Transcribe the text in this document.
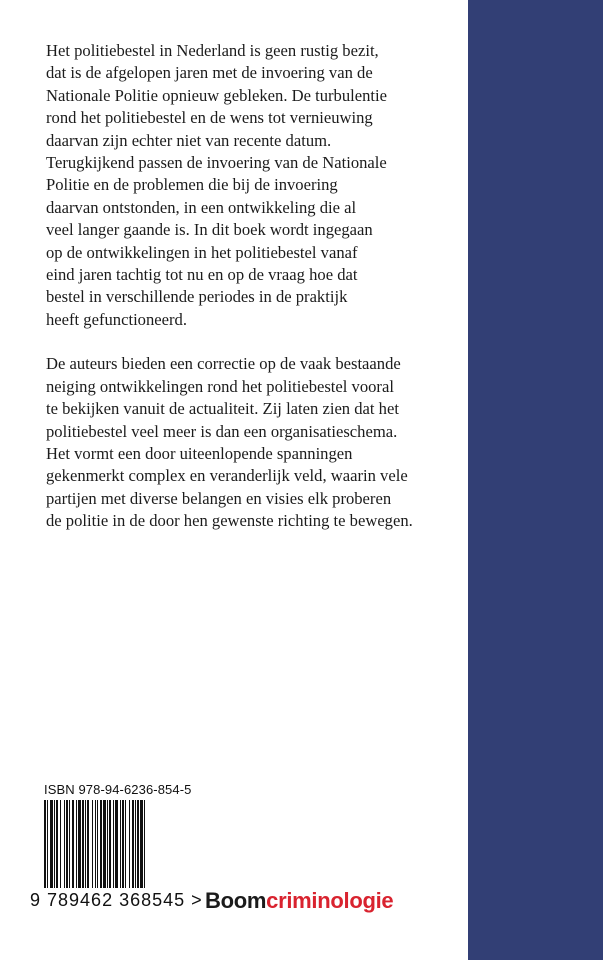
Het politiebestel in Nederland is geen rustig bezit,
dat is de afgelopen jaren met de invoering van de
Nationale Politie opnieuw gebleken. De turbulentie
rond het politiebestel en de wens tot vernieuwing
daarvan zijn echter niet van recente datum.
Terugkijkend passen de invoering van de Nationale
Politie en de problemen die bij de invoering
daarvan ontstonden, in een ontwikkeling die al
veel langer gaande is. In dit boek wordt ingegaan
op de ontwikkelingen in het politiebestel vanaf
eind jaren tachtig tot nu en op de vraag hoe dat
bestel in verschillende periodes in de praktijk
heeft gefunctioneerd.

De auteurs bieden een correctie op de vaak bestaande
neiging ontwikkelingen rond het politiebestel vooral
te bekijken vanuit de actualiteit. Zij laten zien dat het
politiebestel veel meer is dan een organisatieschema.
Het vormt een door uiteenlopende spanningen
gekenmerkt complex en veranderlijk veld, waarin vele
partijen met diverse belangen en visies elk proberen
de politie in de door hen gewenste richting te bewegen.

ISBN 978-94-6236-854-5
9 789462 368545 > Boomcriminologie
